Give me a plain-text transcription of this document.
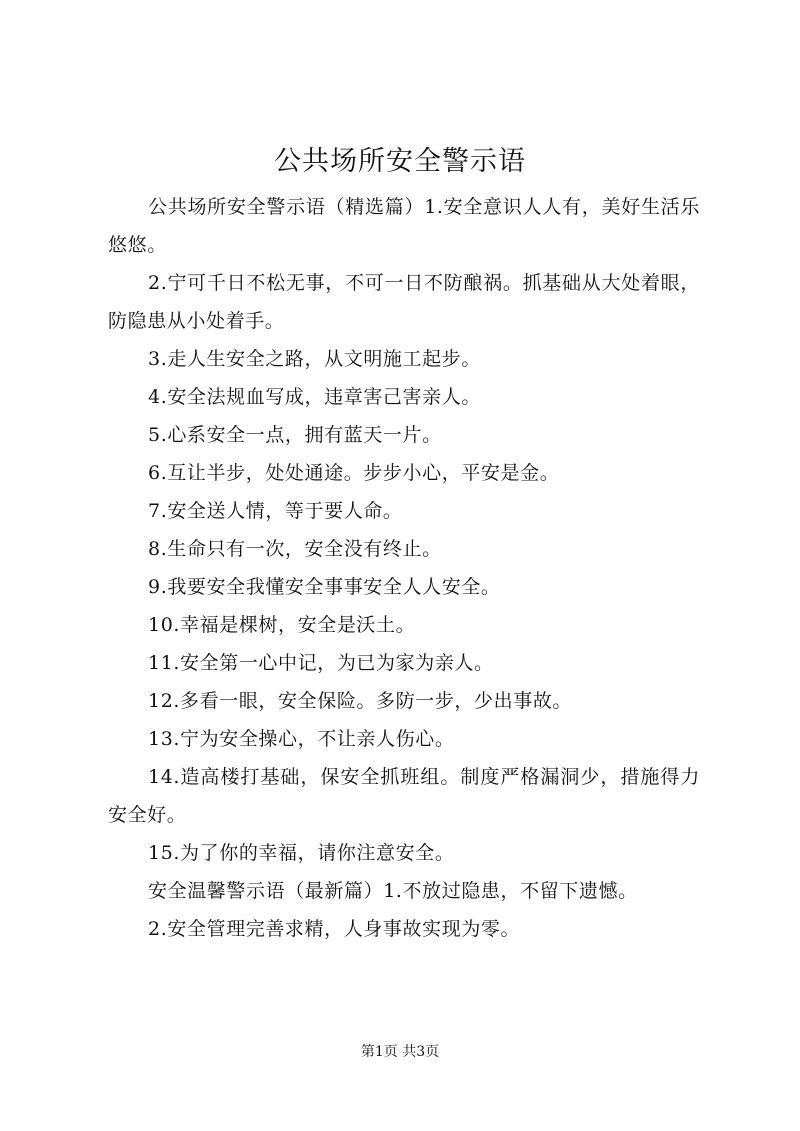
公共场所安全警示语

公共场所安全警示语（精选篇）1.安全意识人人有，美好生活乐悠悠。

2.宁可千日不松无事，不可一日不防酿祸。抓基础从大处着眼，防隐患从小处着手。

3.走人生安全之路，从文明施工起步。

4.安全法规血写成，违章害己害亲人。

5.心系安全一点，拥有蓝天一片。

6.互让半步，处处通途。步步小心，平安是金。

7.安全送人情，等于要人命。

8.生命只有一次，安全没有终止。

9.我要安全我懂安全事事安全人人安全。

10.幸福是棵树，安全是沃土。

11.安全第一心中记，为已为家为亲人。

12.多看一眼，安全保险。多防一步，少出事故。

13.宁为安全操心，不让亲人伤心。

14.造高楼打基础，保安全抓班组。制度严格漏洞少，措施得力安全好。

15.为了你的幸福，请你注意安全。

安全温馨警示语（最新篇）1.不放过隐患，不留下遗憾。

2.安全管理完善求精，人身事故实现为零。

第1页 共3页
